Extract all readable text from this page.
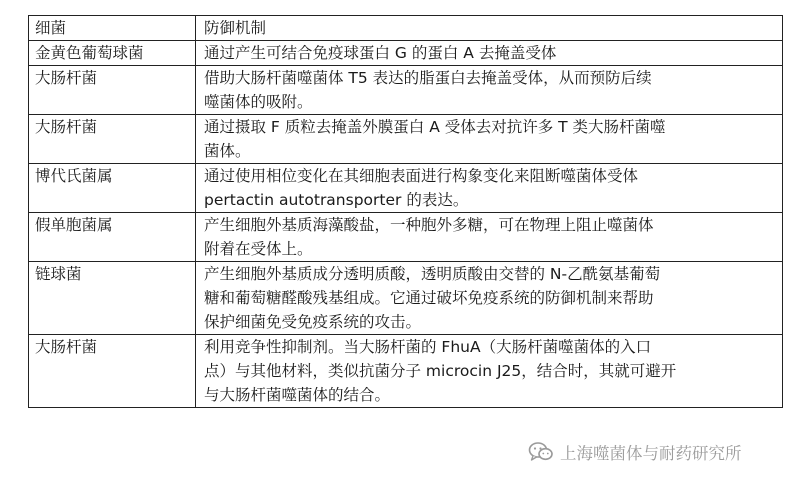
细菌	防御机制
金黄色葡萄球菌	通过产生可结合免疫球蛋白 G 的蛋白 A 去掩盖受体

大肠杆菌	借助大肠杆菌噬菌体 T5 表达的脂蛋白去掩盖受体，从而预防后续
噬菌体的吸附。

大肠杆菌	通过摄取 F 质粒去掩盖外膜蛋白 A 受体去对抗许多 T 类大肠杆菌噬
菌体。

博代氏菌属	通过使用相位变化在其细胞表面进行构象变化来阻断噬菌体受体
pertactin autotransporter 的表达。

假单胞菌属	产生细胞外基质海藻酸盐，一种胞外多糖，可在物理上阻止噬菌体
附着在受体上。

链球菌	产生细胞外基质成分透明质酸，透明质酸由交替的 N-乙酰氨基葡萄
糖和葡萄糖醛酸残基组成。它通过破坏免疫系统的防御机制来帮助
保护细菌免受免疫系统的攻击。

大肠杆菌	利用竞争性抑制剂。当大肠杆菌的 FhuA（大肠杆菌噬菌体的入口
点）与其他材料，类似抗菌分子 microcin J25，结合时，其就可避开
与大肠杆菌噬菌体的结合。
上海噬菌体与耐药研究所
